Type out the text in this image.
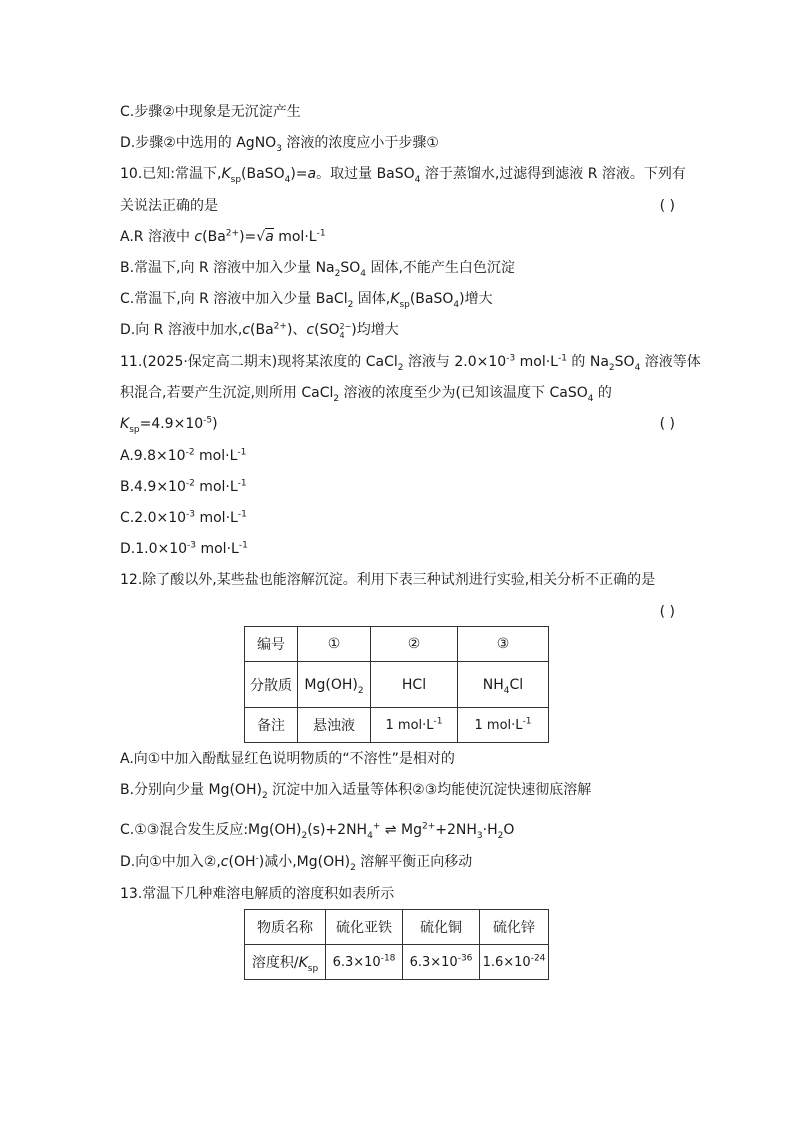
C.步骤②中现象是无沉淀产生
D.步骤②中选用的 AgNO$_3$ 溶液的浓度应小于步骤①
10.已知:常温下$,K_{sp}(BaSO_4)=a$。取过量 BaSO$_4$ 溶于蒸馏水,过滤得到滤液 R 溶液。下列有
关说法正确的是	( )
A.R 溶液中 $c(Ba^{2+})=√a$ $mol\cdot L^{-1}$
B.常温下,向 R 溶液中加入少量 $Na_2SO_4$ 固体,不能产生白色沉淀
C.常温下,向 R 溶液中加入少量 BaCl$_2$ 固体$,K_{sp}(BaSO_4)$增大
D.向 R 溶液中加水$,c(Ba^{2+})$、c(SO 2−
4 )均增大
11.(2025·保定高二期末)现将某浓度的 CaCl$_2$ 溶液与 $2.0\times 10^{-3}$ $mol\cdot L^{-1}$ 的 $Na_2SO_4$ 溶液等体
积混合,若要产生沉淀,则所用 CaCl$_2$ 溶液的浓度至少为(已知该温度下 CaSO$_4$ 的
$K_{sp}=4.9\times 10^{-5}$)	( )
$A.9.8\times 10^{-2}$ $mol\cdot L^{-1}$
$B.4.9\times 10^{-2}$ $mol\cdot L^{-1}$
$C.2.0\times 10^{-3}$ $mol\cdot L^{-1}$
$D.1.0\times 10^{-3}$ $mol\cdot L^{-1}$
12.除了酸以外,某些盐也能溶解沉淀。利用下表三种试剂进行实验,相关分析不正确的是
( )
编号	①	②	③
分散质	$Mg(OH)_2$	HCl	$NH_4Cl$
备注	悬浊液	1 $mol\cdot L^{-1}$	1 $mol\cdot L^{-1}$
A.向①中加入酚酞显红色说明物质的“不溶性”是相对的
B.分别向少量 $Mg(OH)_2$ 沉淀中加入适量等体积②③均能使沉淀快速彻底溶解
C.①③混合发生反应$:Mg(OH)_2(s)+2NH_4^+$ ⇌ $Mg^{2+}+2NH_3\cdot H_2O$
D.向①中加入②,c(OH-)减小$,Mg(OH)_2$ 溶解平衡正向移动
13.常温下几种难溶电解质的溶度积如表所示
物质名称	硫化亚铁	硫化铜	硫化锌
溶度积$/K_{sp}$	$6.3\times 10^{-18}$	$6.3\times 10^{-36}$	$1.6\times 10^{-24}$
